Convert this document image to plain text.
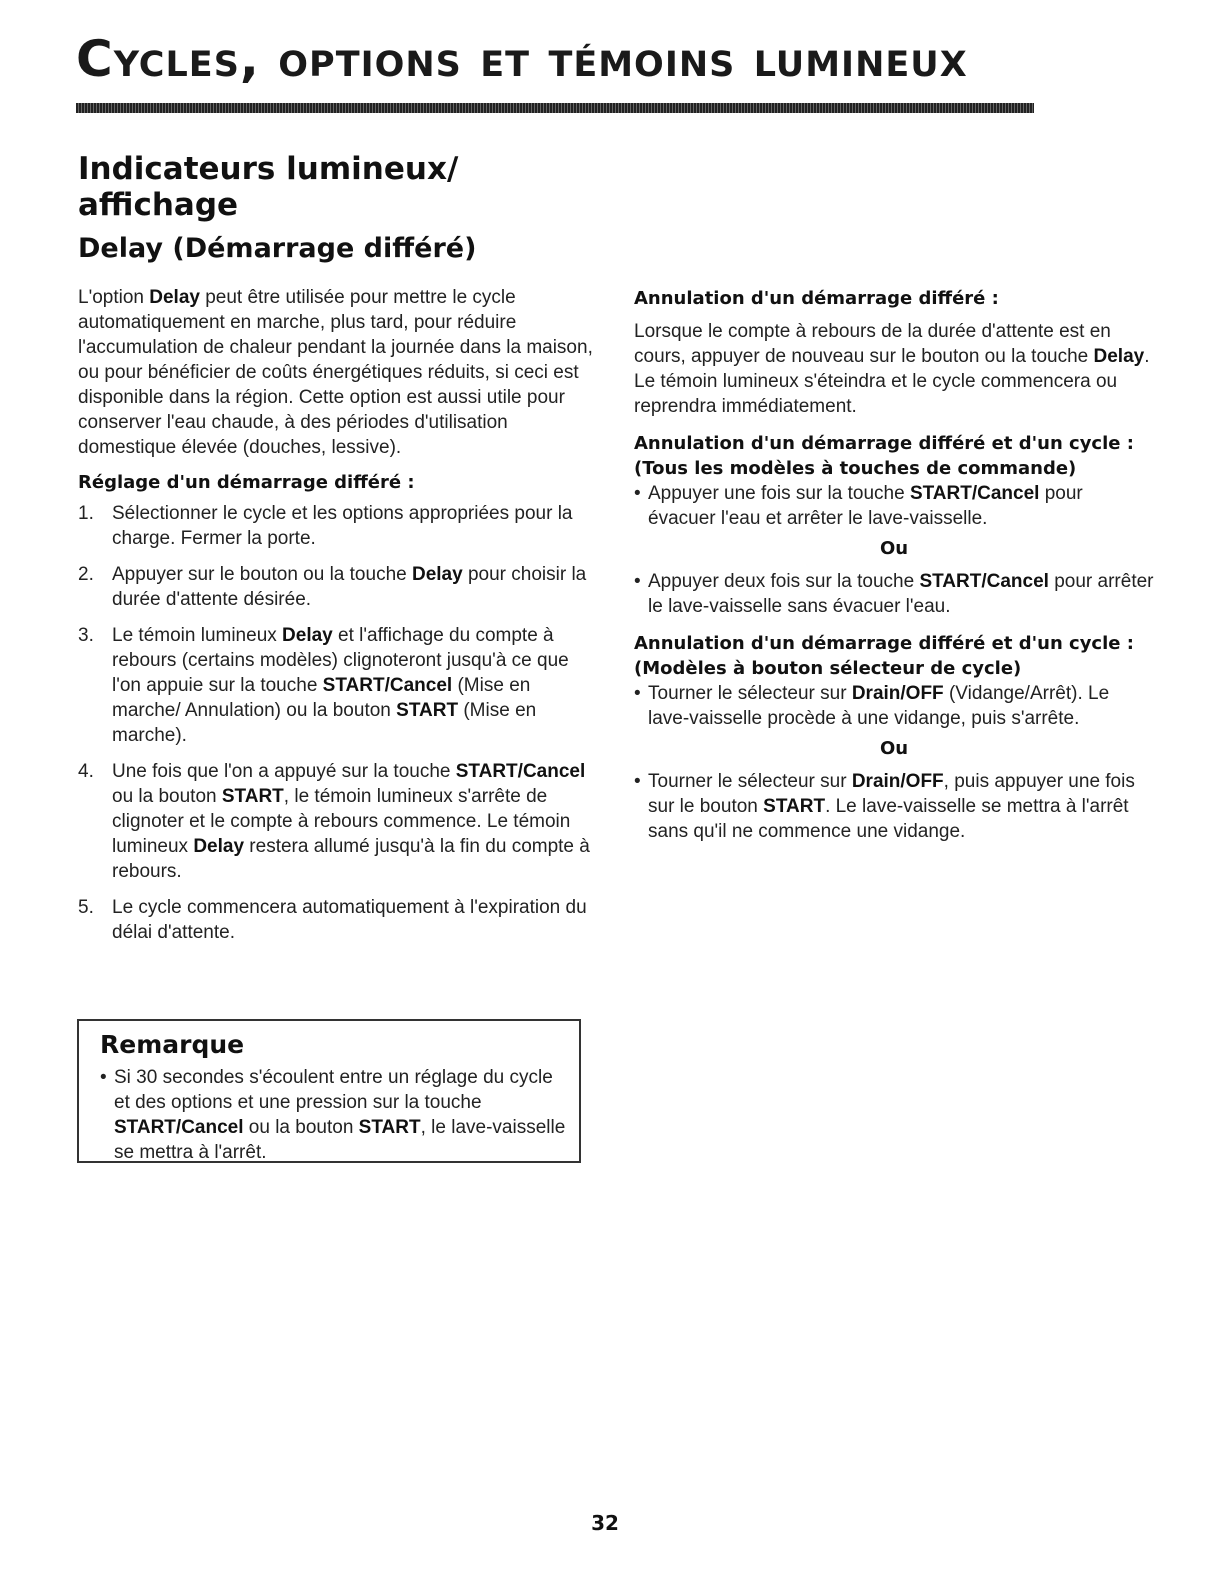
Cycles, options et témoins lumineux
Indicateurs lumineux/ affichage
Delay (Démarrage différé)

L'option Delay peut être utilisée pour mettre le cycle automatiquement en marche, plus tard, pour réduire l'accumulation de chaleur pendant la journée dans la maison, ou pour bénéficier de coûts énergétiques réduits, si ceci est disponible dans la région. Cette option est aussi utile pour conserver l'eau chaude, à des périodes d'utilisation domestique élevée (douches, lessive).

Réglage d'un démarrage différé :
1. Sélectionner le cycle et les options appropriées pour la charge. Fermer la porte.
2. Appuyer sur le bouton ou la touche Delay pour choisir la durée d'attente désirée.
3. Le témoin lumineux Delay et l'affichage du compte à rebours (certains modèles) clignoteront jusqu'à ce que l'on appuie sur la touche START/Cancel (Mise en marche/ Annulation) ou la bouton START (Mise en marche).
4. Une fois que l'on a appuyé sur la touche START/Cancel ou la bouton START, le témoin lumineux s'arrête de clignoter et le compte à rebours commence. Le témoin lumineux Delay restera allumé jusqu'à la fin du compte à rebours.
5. Le cycle commencera automatiquement à l'expiration du délai d'attente.
Remarque
• Si 30 secondes s'écoulent entre un réglage du cycle et des options et une pression sur la touche START/Cancel ou la bouton START, le lave-vaisselle se mettra à l'arrêt.
Annulation d'un démarrage différé :

Lorsque le compte à rebours de la durée d'attente est en cours, appuyer de nouveau sur le bouton ou la touche Delay. Le témoin lumineux s'éteindra et le cycle commencera ou reprendra immédiatement.

Annulation d'un démarrage différé et d'un cycle : (Tous les modèles à touches de commande)
• Appuyer une fois sur la touche START/Cancel pour évacuer l'eau et arrêter le lave-vaisselle.
Ou
• Appuyer deux fois sur la touche START/Cancel pour arrêter le lave-vaisselle sans évacuer l'eau.
Annulation d'un démarrage différé et d'un cycle : (Modèles à bouton sélecteur de cycle)
• Tourner le sélecteur sur Drain/OFF (Vidange/Arrêt). Le lave-vaisselle procède à une vidange, puis s'arrête.
Ou
• Tourner le sélecteur sur Drain/OFF, puis appuyer une fois sur le bouton START. Le lave-vaisselle se mettra à l'arrêt sans qu'il ne commence une vidange.
32
